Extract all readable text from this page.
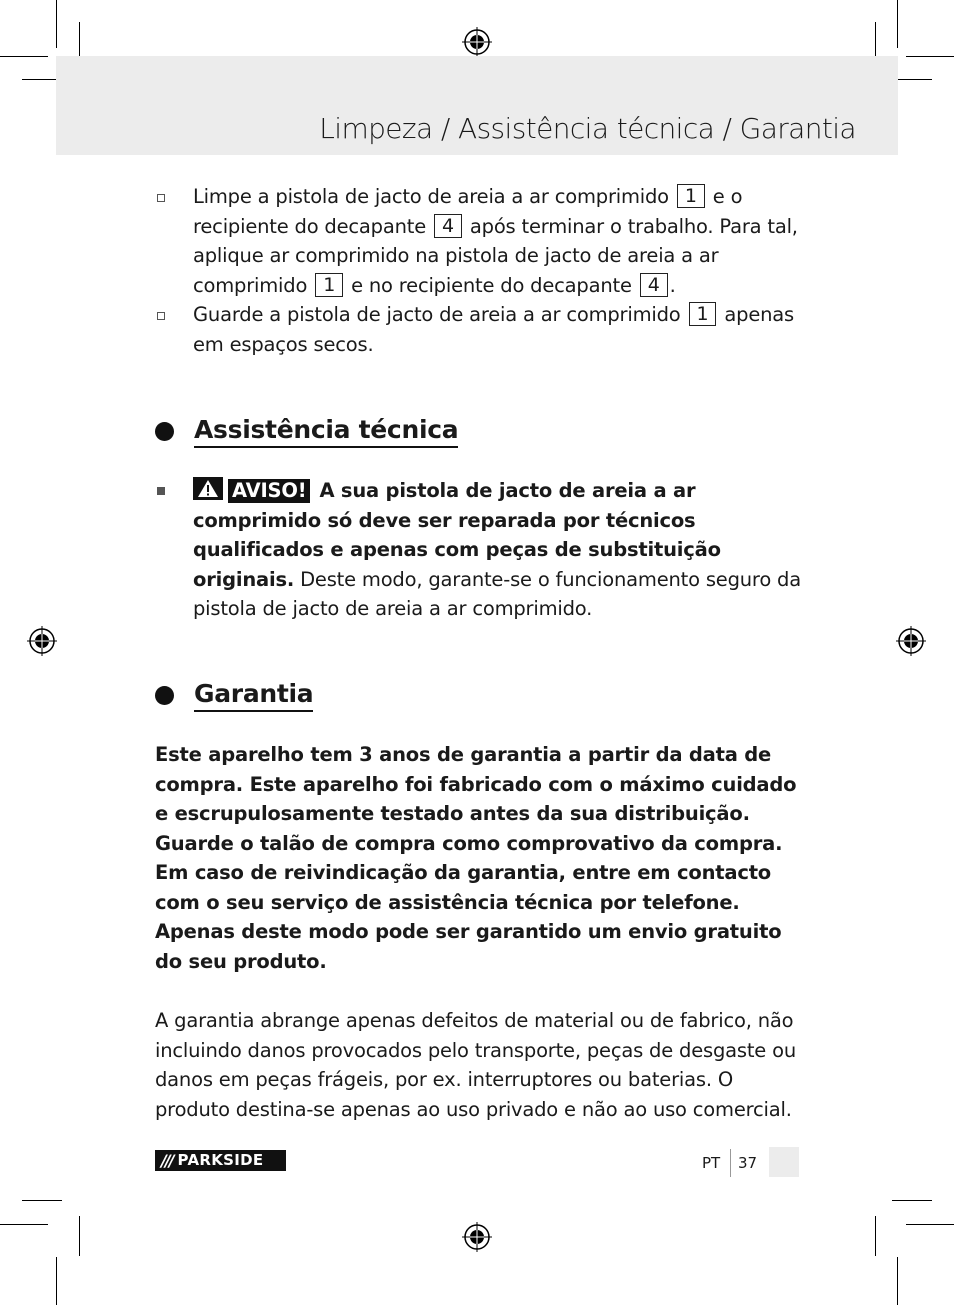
Limpeza / Assistência técnica / Garantia
Limpe a pistola de jacto de areia a ar comprimido 1 e o recipiente do decapante 4 após terminar o trabalho. Para tal, aplique ar comprimido na pistola de jacto de areia a ar comprimido 1 e no recipiente do decapante 4 .
Guarde a pistola de jacto de areia a ar comprimido 1 apenas em espaços secos.
Assistência técnica
AVISO! A sua pistola de jacto de areia a ar comprimido só deve ser reparada por técnicos qualificados e apenas com peças de substituição originais. Deste modo, garante-se o funcionamento seguro da pistola de jacto de areia a ar comprimido.
Garantia
Este aparelho tem 3 anos de garantia a partir da data de compra. Este aparelho foi fabricado com o máximo cuidado e escrupulosamente testado antes da sua distribuição. Guarde o talão de compra como comprovativo da compra. Em caso de reivindicação da garantia, entre em contacto com o seu serviço de assistência técnica por telefone. Apenas deste modo pode ser garantido um envio gratuito do seu produto.
A garantia abrange apenas defeitos de material ou de fabrico, não incluindo danos provocados pelo transporte, peças de desgaste ou danos em peças frágeis, por ex. interruptores ou baterias. O produto destina-se apenas ao uso privado e não ao uso comercial.
/// PARKSIDE	PT 37
